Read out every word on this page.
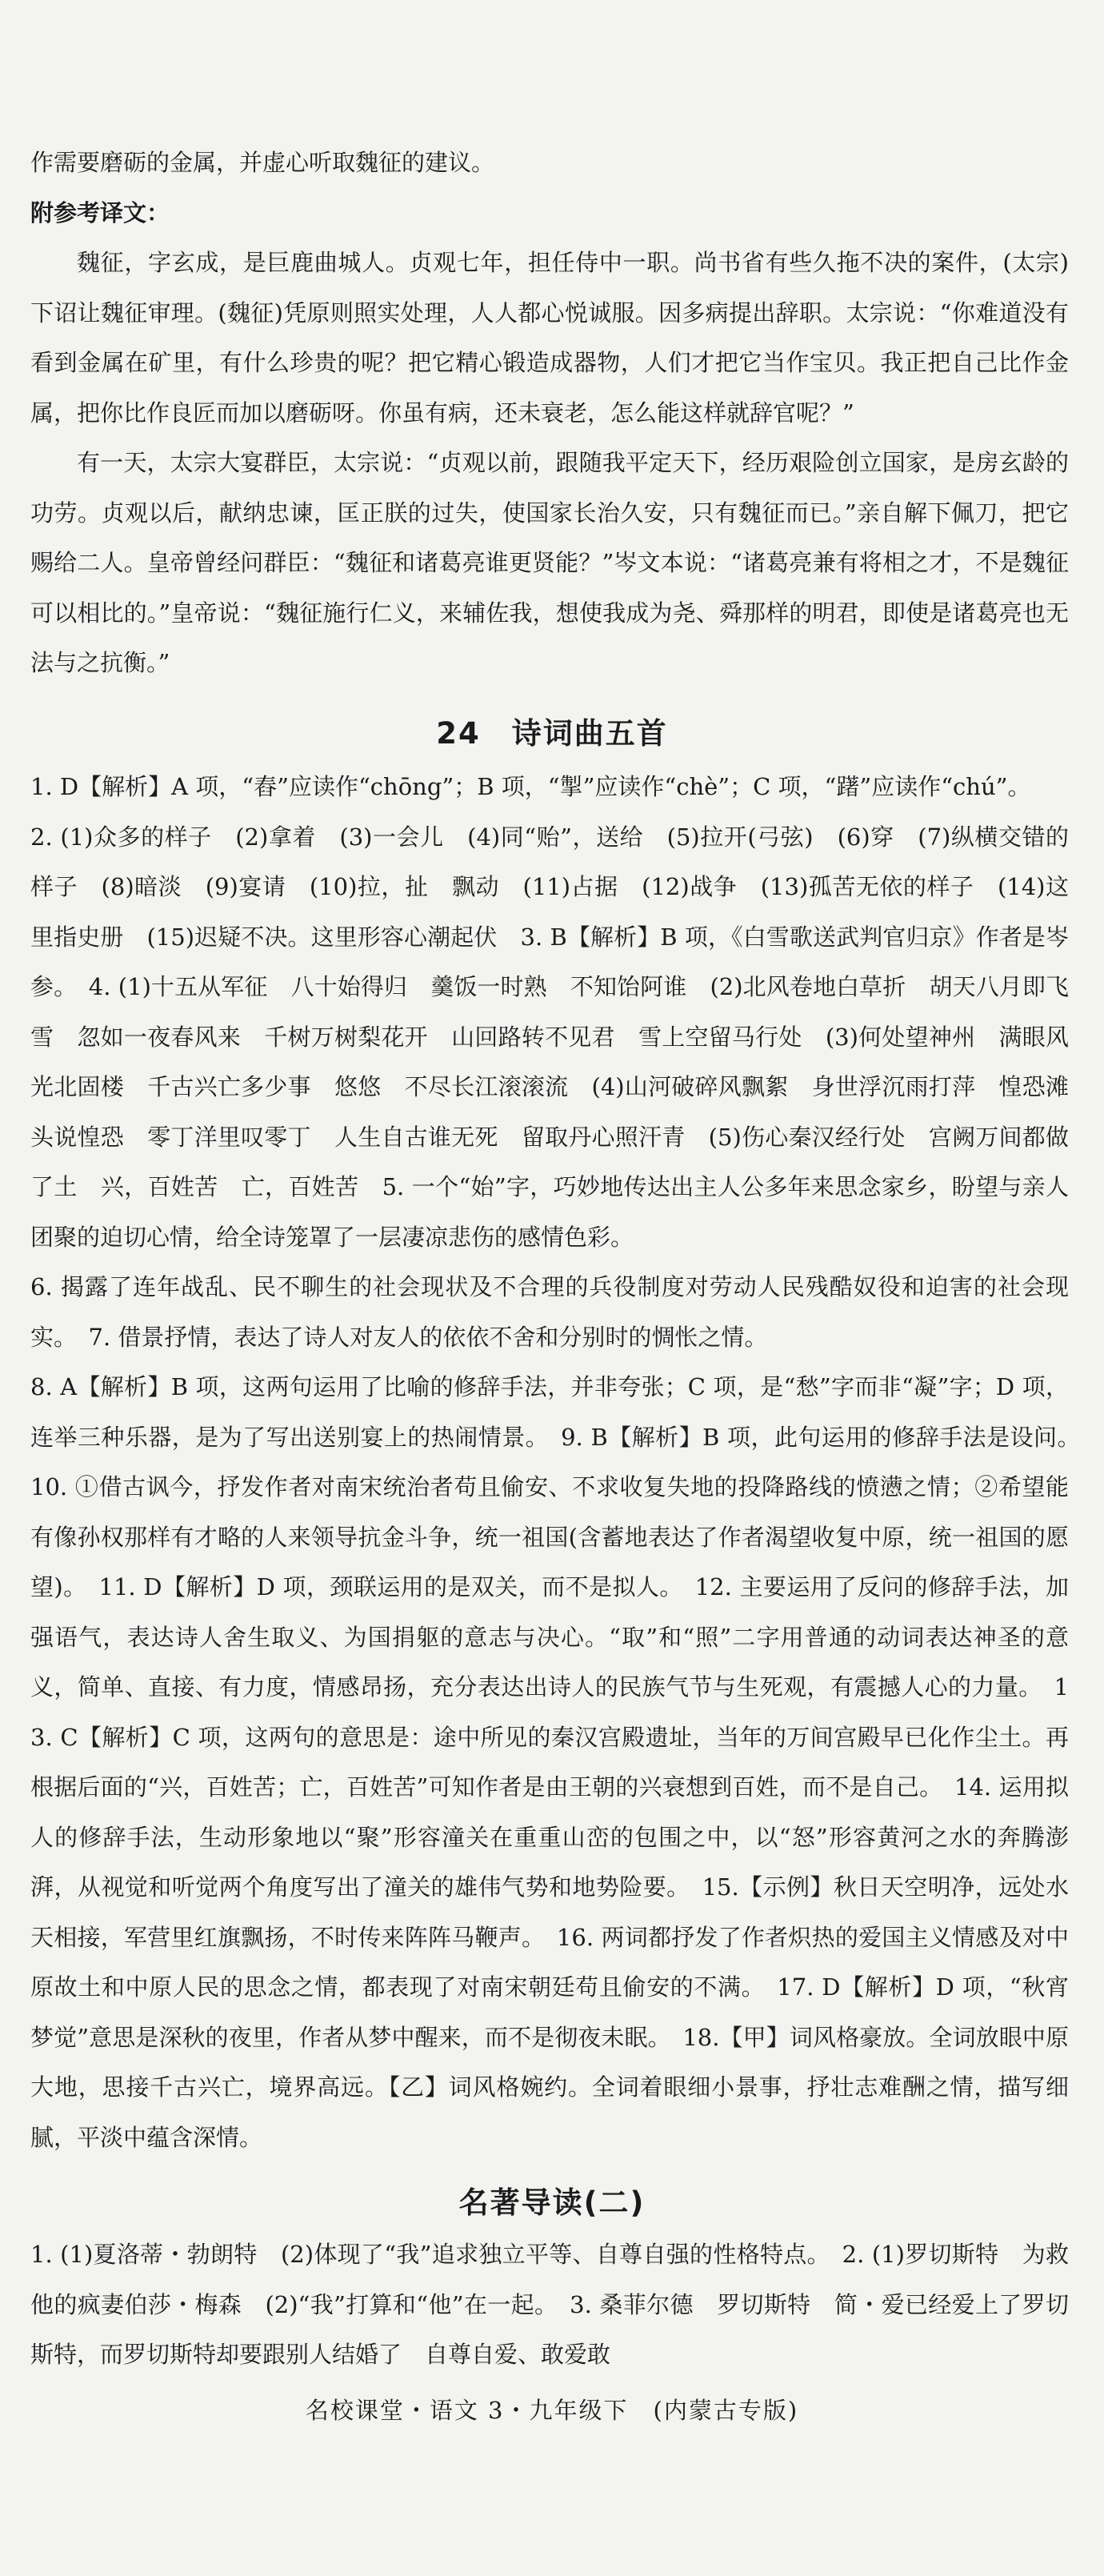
作需要磨砺的金属，并虚心听取魏征的建议。

附参考译文：

魏征，字玄成，是巨鹿曲城人。贞观七年，担任侍中一职。尚书省有些久拖不决的案件，(太宗)下诏让魏征审理。(魏征)凭原则照实处理，人人都心悦诚服。因多病提出辞职。太宗说：“你难道没有看到金属在矿里，有什么珍贵的呢？把它精心锻造成器物，人们才把它当作宝贝。我正把自己比作金属，把你比作良匠而加以磨砺呀。你虽有病，还未衰老，怎么能这样就辞官呢？”

有一天，太宗大宴群臣，太宗说：“贞观以前，跟随我平定天下，经历艰险创立国家，是房玄龄的功劳。贞观以后，献纳忠谏，匡正朕的过失，使国家长治久安，只有魏征而已。”亲自解下佩刀，把它赐给二人。皇帝曾经问群臣：“魏征和诸葛亮谁更贤能？”岑文本说：“诸葛亮兼有将相之才，不是魏征可以相比的。”皇帝说：“魏征施行仁义，来辅佐我，想使我成为尧、舜那样的明君，即使是诸葛亮也无法与之抗衡。”

24　诗词曲五首

1. D【解析】A 项，“舂”应读作“chōng”；B 项，“掣”应读作“chè”；C 项，“躇”应读作“chú”。

2. (1)众多的样子　(2)拿着　(3)一会儿　(4)同“贻”，送给　(5)拉开(弓弦)　(6)穿　(7)纵横交错的样子　(8)暗淡　(9)宴请　(10)拉，扯　飘动　(11)占据　(12)战争　(13)孤苦无依的样子　(14)这里指史册　(15)迟疑不决。这里形容心潮起伏　3. B【解析】B 项，《白雪歌送武判官归京》作者是岑参。　4. (1)十五从军征　八十始得归　羹饭一时熟　不知饴阿谁　(2)北风卷地白草折　胡天八月即飞雪　忽如一夜春风来　千树万树梨花开　山回路转不见君　雪上空留马行处　(3)何处望神州　满眼风光北固楼　千古兴亡多少事　悠悠　不尽长江滚滚流　(4)山河破碎风飘絮　身世浮沉雨打萍　惶恐滩头说惶恐　零丁洋里叹零丁　人生自古谁无死　留取丹心照汗青　(5)伤心秦汉经行处　宫阙万间都做了土　兴，百姓苦　亡，百姓苦　5. 一个“始”字，巧妙地传达出主人公多年来思念家乡，盼望与亲人团聚的迫切心情，给全诗笼罩了一层凄凉悲伤的感情色彩。

6. 揭露了连年战乱、民不聊生的社会现状及不合理的兵役制度对劳动人民残酷奴役和迫害的社会现实。　7. 借景抒情，表达了诗人对友人的依依不舍和分别时的惆怅之情。

8. A【解析】B 项，这两句运用了比喻的修辞手法，并非夸张；C 项，是“愁”字而非“凝”字；D 项，连举三种乐器，是为了写出送别宴上的热闹情景。　9. B【解析】B 项，此句运用的修辞手法是设问。　10. ①借古讽今，抒发作者对南宋统治者苟且偷安、不求收复失地的投降路线的愤懑之情；②希望能有像孙权那样有才略的人来领导抗金斗争，统一祖国(含蓄地表达了作者渴望收复中原，统一祖国的愿望)。　11. D【解析】D 项，颈联运用的是双关，而不是拟人。　12. 主要运用了反问的修辞手法，加强语气，表达诗人舍生取义、为国捐躯的意志与决心。“取”和“照”二字用普通的动词表达神圣的意义，简单、直接、有力度，情感昂扬，充分表达出诗人的民族气节与生死观，有震撼人心的力量。　13. C【解析】C 项，这两句的意思是：途中所见的秦汉宫殿遗址，当年的万间宫殿早已化作尘土。再根据后面的“兴，百姓苦；亡，百姓苦”可知作者是由王朝的兴衰想到百姓，而不是自己。　14. 运用拟人的修辞手法，生动形象地以“聚”形容潼关在重重山峦的包围之中，以“怒”形容黄河之水的奔腾澎湃，从视觉和听觉两个角度写出了潼关的雄伟气势和地势险要。　15.【示例】秋日天空明净，远处水天相接，军营里红旗飘扬，不时传来阵阵马鞭声。　16. 两词都抒发了作者炽热的爱国主义情感及对中原故土和中原人民的思念之情，都表现了对南宋朝廷苟且偷安的不满。　17. D【解析】D 项，“秋宵梦觉”意思是深秋的夜里，作者从梦中醒来，而不是彻夜未眠。　18.【甲】词风格豪放。全词放眼中原大地，思接千古兴亡，境界高远。【乙】词风格婉约。全词着眼细小景事，抒壮志难酬之情，描写细腻，平淡中蕴含深情。

名著导读(二)

1. (1)夏洛蒂・勃朗特　(2)体现了“我”追求独立平等、自尊自强的性格特点。　2. (1)罗切斯特　为救他的疯妻伯莎・梅森　(2)“我”打算和“他”在一起。　3. 桑菲尔德　罗切斯特　简・爱已经爱上了罗切斯特，而罗切斯特却要跟别人结婚了　自尊自爱、敢爱敢

名校课堂・语文 3・九年级下　(内蒙古专版)
